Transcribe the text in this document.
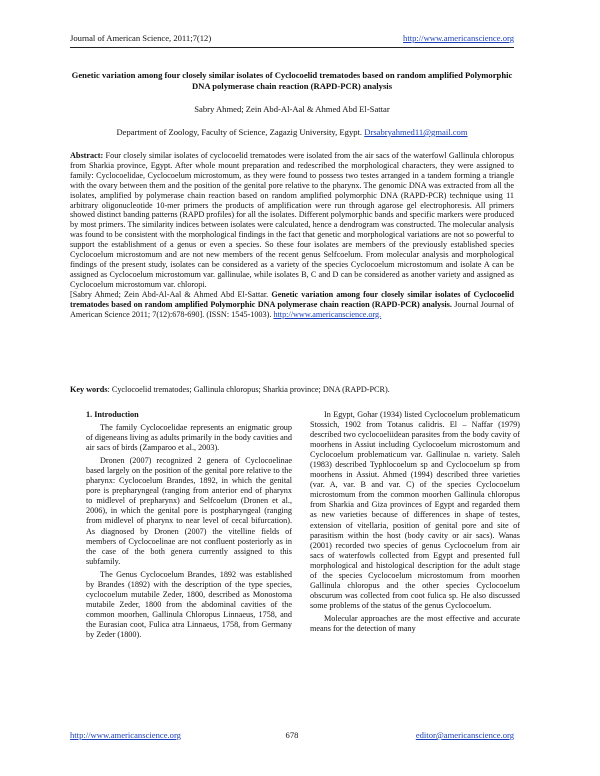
Journal of American Science, 2011;7(12)	http://www.americanscience.org
Genetic variation among four closely similar isolates of Cyclocoelid trematodes based on random amplified Polymorphic DNA polymerase chain reaction (RAPD-PCR) analysis
Sabry Ahmed; Zein Abd-Al-Aal & Ahmed Abd El-Sattar
Department of Zoology, Faculty of Science, Zagazig University, Egypt. Drsabryahmed11@gmail.com
Abstract: Four closely similar isolates of cyclocoelid trematodes were isolated from the air sacs of the waterfowl Gallinula chloropus from Sharkia province, Egypt. After whole mount preparation and redescribed the morphological characters, they were assigned to family: Cyclocoelidae, Cyclocoelum microstomum, as they were found to possess two testes arranged in a tandem forming a triangle with the ovary between them and the position of the genital pore relative to the pharynx. The genomic DNA was extracted from all the isolates, amplified by polymerase chain reaction based on random amplified polymorphic DNA (RAPD-PCR) technique using 11 arbitrary oligonucleotide 10-mer primers the products of amplification were run through agarose gel electrophoresis. All primers showed distinct banding patterns (RAPD profiles) for all the isolates. Different polymorphic bands and specific markers were produced by most primers. The similarity indices between isolates were calculated, hence a dendrogram was constructed. The molecular analysis was found to be consistent with the morphological findings in the fact that genetic and morphological variations are not so powerful to support the establishment of a genus or even a species. So these four isolates are members of the previously established species Cyclocoelum microstomum and are not new members of the recent genus Selfcoelum. From molecular analysis and morphological findings of the present study, isolates can be considered as a variety of the species Cyclocoelum microstomum and isolate A can be assigned as Cyclocoelum microstomum var. gallinulae, while isolates B, C and D can be considered as another variety and assigned as Cyclocoelum microstomum var. chloropi.
[Sabry Ahmed; Zein Abd-Al-Aal & Ahmed Abd El-Sattar. Genetic variation among four closely similar isolates of Cyclocoelid trematodes based on random amplified Polymorphic DNA polymerase chain reaction (RAPD-PCR) analysis. Journal Journal of American Science 2011; 7(12):678-690]. (ISSN: 1545-1003). http://www.americanscience.org.
Key words: Cyclocoelid trematodes; Gallinula chloropus; Sharkia province; DNA (RAPD-PCR).
1. Introduction

The family Cyclocoelidae represents an enigmatic group of digeneans living as adults primarily in the body cavities and air sacs of birds (Zamparoo et al., 2003).

Dronen (2007) recognized 2 genera of Cyclocoelinae based largely on the position of the genital pore relative to the pharynx: Cyclocoelum Brandes, 1892, in which the genital pore is prepharyngeal (ranging from anterior end of pharynx to midlevel of prepharynx) and Selfcoelum (Dronen et al., 2006), in which the genital pore is postpharyngeal (ranging from midlevel of pharynx to near level of cecal bifurcation). As diagnosed by Dronen (2007) the vitelline fields of members of Cyclocoelinae are not confluent posteriorly as in the case of the both genera currently assigned to this subfamily.

The Genus Cyclocoelum Brandes, 1892 was established by Brandes (1892) with the description of the type species, cyclocoelum mutabile Zeder, 1800, described as Monostoma mutabile Zeder, 1800 from the abdominal cavities of the common moorhen, Gallinula Chloropus Linnaeus, 1758, and the Eurasian coot, Fulica atra Linnaeus, 1758, from Germany by Zeder (1800).

In Egypt, Gohar (1934) listed Cyclocoelum problematicum Stossich, 1902 from Totanus calidris. El – Naffar (1979) described two cyclocoeliidean parasites from the body cavity of moorhens in Assiut including Cyclocoelum microstomum and Cyclocoelum problematicum var. Gallinulae n. variety. Saleh (1983) described Typhlocoelum sp and Cyclocoelum sp from moorhens in Assiut. Ahmed (1994) described three varieties (var. A, var. B and var. C) of the species Cyclocoelum microstomum from the common moorhen Gallinula chloropus from Sharkia and Giza provinces of Egypt and regarded them as new varieties because of differences in shape of testes, extension of vitellaria, position of genital pore and site of parasitism within the host (body cavity or air sacs). Wanas (2001) recorded two species of genus Cyclocoelum from air sacs of waterfowls collected from Egypt and presented full morphological and histological description for the adult stage of the species Cyclocoelum microstomum from moorhen Gallinula chloropus and the other species Cyclocoelum obscurum was collected from coot fulica sp. He also discussed some problems of the status of the genus Cyclocoelum.

Molecular approaches are the most effective and accurate means for the detection of many

http://www.americanscience.org	678	editor@americanscience.org
